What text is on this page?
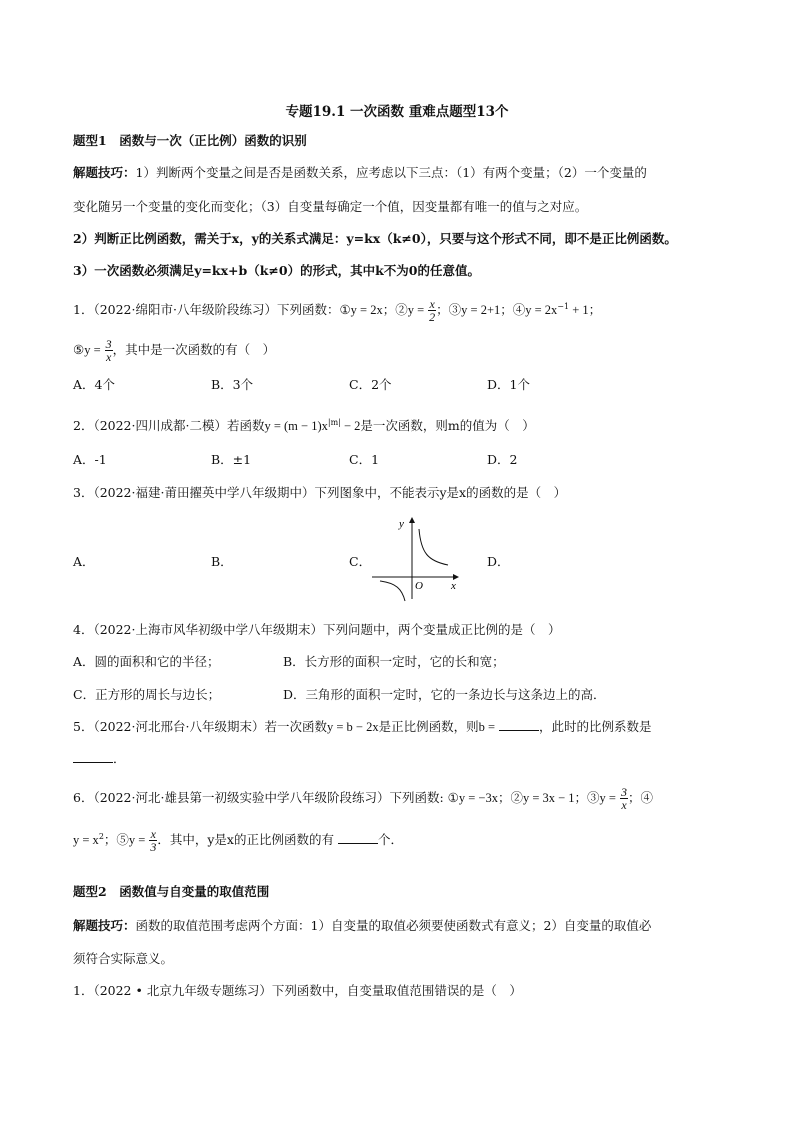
专题19.1 一次函数 重难点题型13个
题型1　函数与一次（正比例）函数的识别
解题技巧：1）判断两个变量之间是否是函数关系，应考虑以下三点：（1）有两个变量；（2）一个变量的
变化随另一个变量的变化而变化；（3）自变量每确定一个值，因变量都有唯一的值与之对应。
2）判断正比例函数，需关于x，y的关系式满足：y=kx（k≠0），只要与这个形式不同，即不是正比例函数。
3）一次函数必须满足y=kx+b（k≠0）的形式，其中k不为0的任意值。
1．（2022·绵阳市·八年级阶段练习）下列函数：①y = 2x；②y = $\frac{x}{2}$ ；③y = 2+1；④y = $2x^{-1} + 1$；
⑤y = $\frac{3}{x}$ ，其中是一次函数的有（　）
A．4个	B．3个	C．2个	D．1个
2．（2022·四川成都·二模）若函数$y = (m - 1)x^{|m|} - 2$是一次函数，则m的值为（　）
A．-1	B．±1	C．1	D．2
3．（2022·福建·莆田擢英中学八年级期中）下列图象中，不能表示y是x的函数的是（　）
A．	B．	C．	D．
y
x
O
4．（2022·上海市风华初级中学八年级期末）下列问题中，两个变量成正比例的是（　）
A．圆的面积和它的半径；	B．长方形的面积一定时，它的长和宽；
C．正方形的周长与边长；	D．三角形的面积一定时，它的一条边长与这条边上的高．
5．（2022·河北邢台·八年级期末）若一次函数y = b − 2x是正比例函数，则b =	，此时的比例系数是
．
6．（2022·河北·雄县第一初级实验中学八年级阶段练习）下列函数: ①y = −3x；②y = 3x − 1；③y = $\frac{3}{x}$ ；④
$y = x^2$；⑤y = $\frac{x}{3}$ ．其中，y是x的正比例函数的有	个．
题型2　函数值与自变量的取值范围
解题技巧：函数的取值范围考虑两个方面：1）自变量的取值必须要使函数式有意义；2）自变量的取值必
须符合实际意义。
1．（2022 • 北京九年级专题练习）下列函数中，自变量取值范围错误的是（　）
